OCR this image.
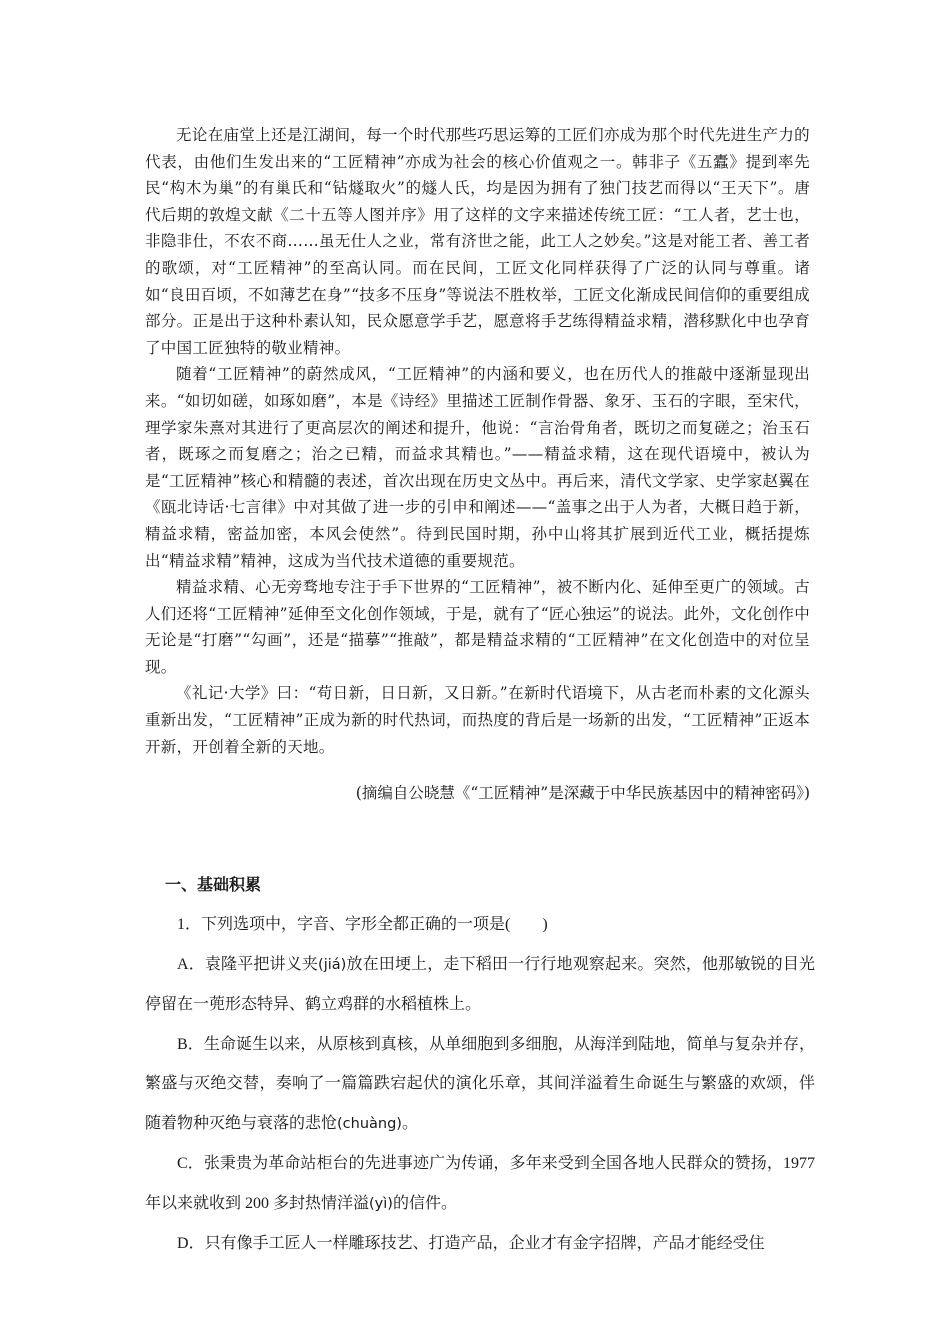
无论在庙堂上还是江湖间，每一个时代那些巧思运筹的工匠们亦成为那个时代先进生产力的代表，由他们生发出来的“工匠精神”亦成为社会的核心价值观之一。韩非子《五蠹》提到率先民“构木为巢”的有巢氏和“钻燧取火”的燧人氏，均是因为拥有了独门技艺而得以“王天下”。唐代后期的敦煌文献《二十五等人图并序》用了这样的文字来描述传统工匠：“工人者，艺士也，非隐非仕，不农不商……虽无仕人之业，常有济世之能，此工人之妙矣。”这是对能工者、善工者的歌颂，对“工匠精神”的至高认同。而在民间，工匠文化同样获得了广泛的认同与尊重。诸如“良田百顷，不如薄艺在身”“技多不压身”等说法不胜枚举，工匠文化渐成民间信仰的重要组成部分。正是出于这种朴素认知，民众愿意学手艺，愿意将手艺练得精益求精，潜移默化中也孕育了中国工匠独特的敬业精神。

随着“工匠精神”的蔚然成风，“工匠精神”的内涵和要义，也在历代人的推敲中逐渐显现出来。“如切如磋，如琢如磨”，本是《诗经》里描述工匠制作骨器、象牙、玉石的字眼，至宋代，理学家朱熹对其进行了更高层次的阐述和提升，他说：“言治骨角者，既切之而复磋之；治玉石者，既琢之而复磨之；治之已精，而益求其精也。”——精益求精，这在现代语境中，被认为是“工匠精神”核心和精髓的表述，首次出现在历史文丛中。再后来，清代文学家、史学家赵翼在《瓯北诗话·七言律》中对其做了进一步的引申和阐述——“盖事之出于人为者，大概日趋于新，精益求精，密益加密，本风会使然”。待到民国时期，孙中山将其扩展到近代工业，概括提炼出“精益求精”精神，这成为当代技术道德的重要规范。

精益求精、心无旁骛地专注于手下世界的“工匠精神”，被不断内化、延伸至更广的领域。古人们还将“工匠精神”延伸至文化创作领域，于是，就有了“匠心独运”的说法。此外，文化创作中无论是“打磨”“勾画”，还是“描摹”“推敲”，都是精益求精的“工匠精神”在文化创造中的对位呈现。

《礼记·大学》曰：“苟日新，日日新，又日新。”在新时代语境下，从古老而朴素的文化源头重新出发，“工匠精神”正成为新的时代热词，而热度的背后是一场新的出发，“工匠精神”正返本开新，开创着全新的天地。

(摘编自公晓慧《“工匠精神”是深藏于中华民族基因中的精神密码》)
一、基础积累

1．下列选项中，字音、字形全都正确的一项是(　　)

A．袁隆平把讲义夹(jiá)放在田埂上，走下稻田一行行地观察起来。突然，他那敏锐的目光停留在一蔸形态特异、鹤立鸡群的水稻植株上。

B．生命诞生以来，从原核到真核，从单细胞到多细胞，从海洋到陆地，简单与复杂并存，繁盛与灭绝交替，奏响了一篇篇跌宕起伏的演化乐章，其间洋溢着生命诞生与繁盛的欢颂，伴随着物种灭绝与衰落的悲怆(chuàng)。

C．张秉贵为革命站柜台的先进事迹广为传诵，多年来受到全国各地人民群众的赞扬，1977 年以来就收到 200 多封热情洋溢(yì)的信件。

D．只有像手工匠人一样雕琢技艺、打造产品，企业才有金字招牌，产品才能经受住
